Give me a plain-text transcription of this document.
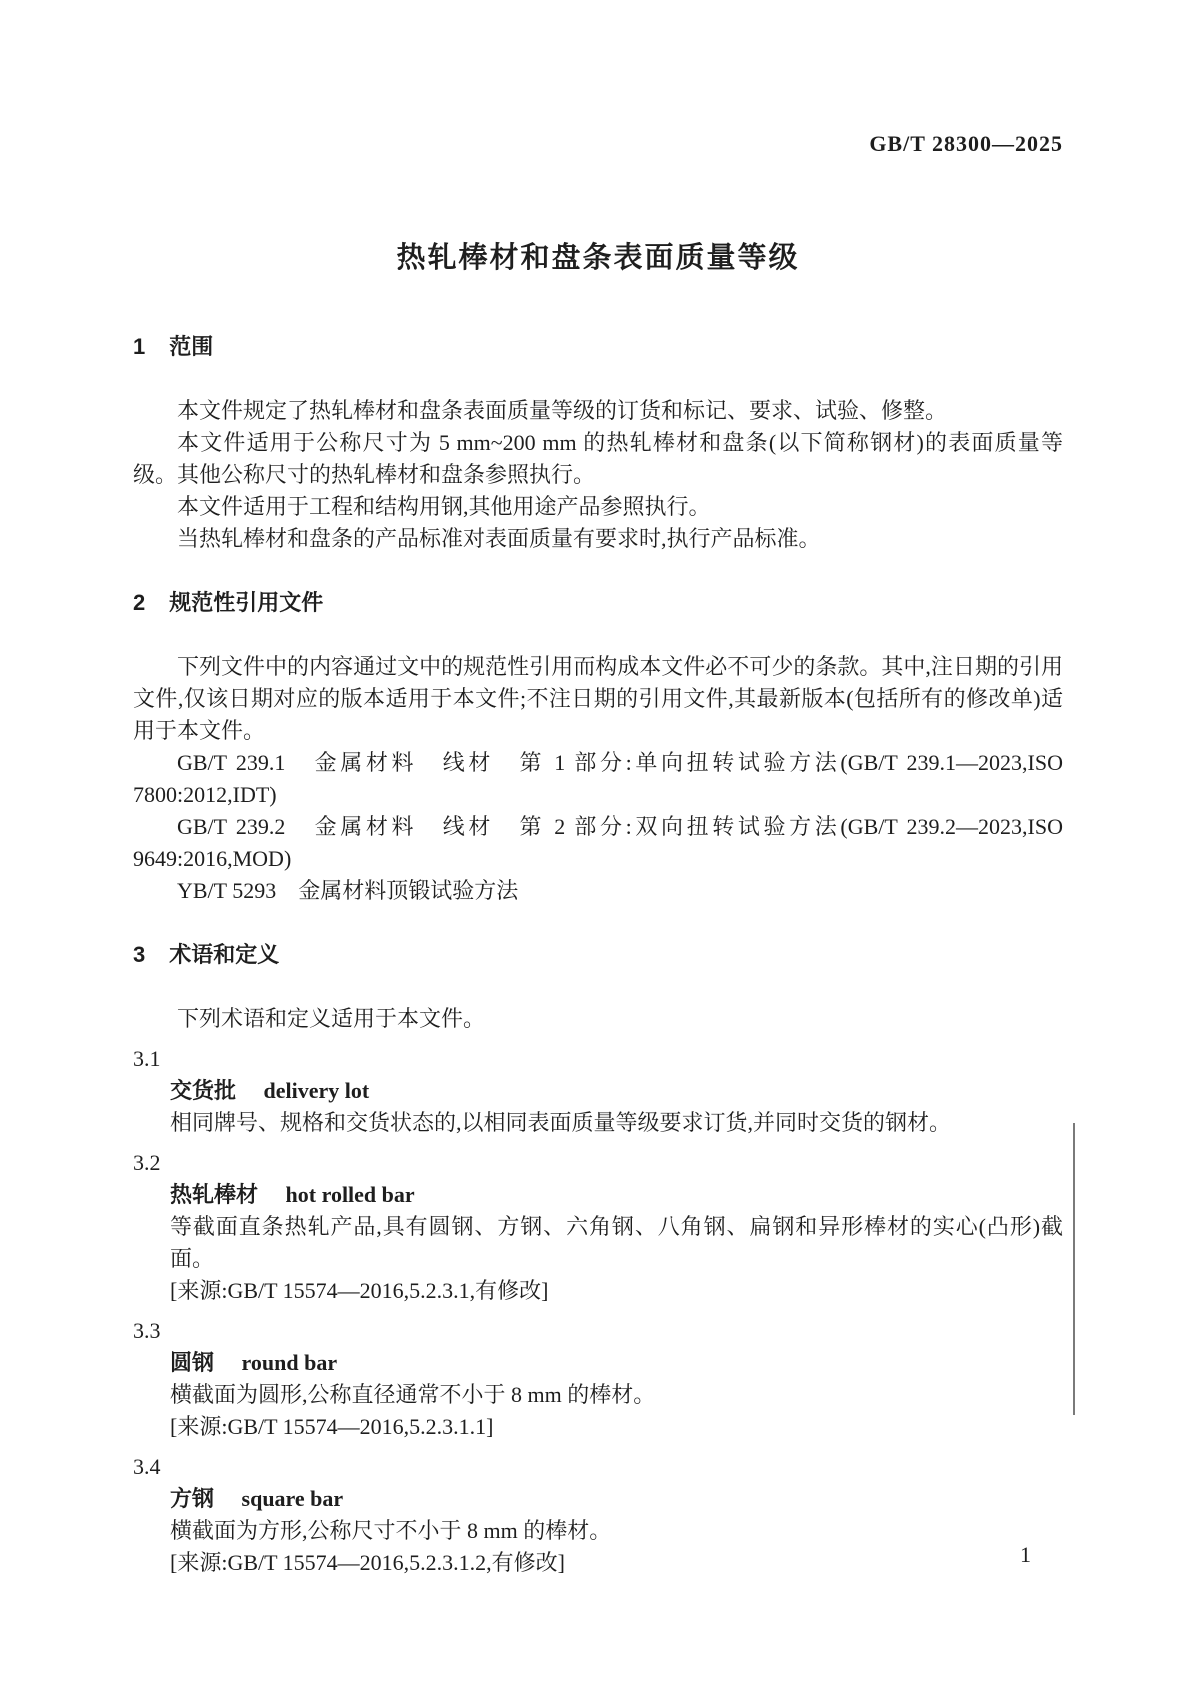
GB/T 28300—2025
热轧棒材和盘条表面质量等级
1 范围

本文件规定了热轧棒材和盘条表面质量等级的订货和标记、要求、试验、修整。

本文件适用于公称尺寸为 5 mm~200 mm 的热轧棒材和盘条(以下简称钢材)的表面质量等级。其他公称尺寸的热轧棒材和盘条参照执行。

本文件适用于工程和结构用钢,其他用途产品参照执行。

当热轧棒材和盘条的产品标准对表面质量有要求时,执行产品标准。

2 规范性引用文件

下列文件中的内容通过文中的规范性引用而构成本文件必不可少的条款。其中,注日期的引用文件,仅该日期对应的版本适用于本文件;不注日期的引用文件,其最新版本(包括所有的修改单)适用于本文件。

GB/T 239.1　金属材料　线材　第 1 部分:单向扭转试验方法(GB/T 239.1—2023,ISO 7800:2012,IDT)

GB/T 239.2　金属材料　线材　第 2 部分:双向扭转试验方法(GB/T 239.2—2023,ISO 9649:2016,MOD)

YB/T 5293　金属材料顶锻试验方法

3 术语和定义

下列术语和定义适用于本文件。

3.1
交货批 delivery lot

相同牌号、规格和交货状态的,以相同表面质量等级要求订货,并同时交货的钢材。

3.2
热轧棒材 hot rolled bar

等截面直条热轧产品,具有圆钢、方钢、六角钢、八角钢、扁钢和异形棒材的实心(凸形)截面。

[来源:GB/T 15574—2016,5.2.3.1,有修改]

3.3
圆钢 round bar

横截面为圆形,公称直径通常不小于 8 mm 的棒材。

[来源:GB/T 15574—2016,5.2.3.1.1]

3.4
方钢 square bar

横截面为方形,公称尺寸不小于 8 mm 的棒材。

[来源:GB/T 15574—2016,5.2.3.1.2,有修改]	1
